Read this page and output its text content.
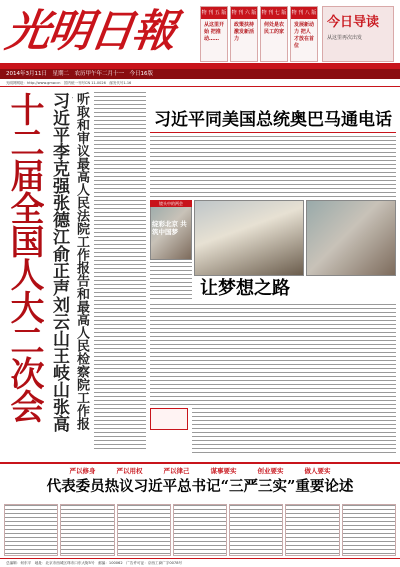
光明日報	物 刊 五 版
从这里开始 把推动……
物 刊 六 版
政策扶持 激发新活力
物 刊 七 版
何处是农民工的家
物 刊 八 版
发展新动力 把人才放在首位
今日导读
从这里再次出发
2014年3月11日　星期二　农历甲午年二月十一　今日16版
光明网网址：http://www.gmw.cn　国内统一刊号CN 11-0026　邮发代号1-16
十二届全国人大二次会
习近平李克强张德江俞正声刘云山王岐山张高
听取和审议最高人民法院工作报告和最高人民检察院工作报
习近平同美国总统奥巴马通电话
镜头中的两会
绽彩北京 共筑中国梦
让梦想之路
严以修身	严以用权	严以律己	谋事要实	创业要实	做人要实
代表委员热议习近平总书记“三严三实”重要论述
总编辑：何东平　地址：北京市西城区珠市口东大街5号　邮编：100062　广告许可证：京西工商广字0078号
